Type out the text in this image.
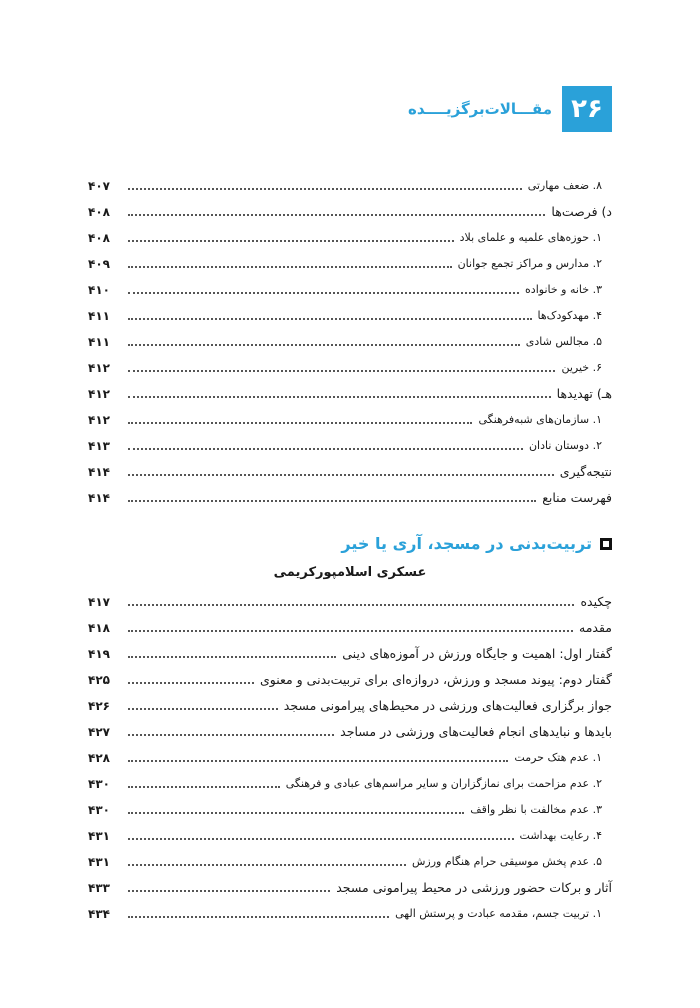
مقـــالات‌برگزیــــده ۲۶
۸. ضعف مهارتی
۴۰۷
د) فرصت‌ها
۴۰۸
۱. حوزه‌های علمیه و علمای بلاد
۴۰۸
۲. مدارس و مراکز تجمع جوانان
۴۰۹
۳. خانه و خانواده
۴۱۰
۴. مهدکودک‌ها
۴۱۱
۵. مجالس شادی
۴۱۱
۶. خیرین
۴۱۲
هـ) تهدیدها
۴۱۲
۱. سازمان‌های شبه‌فرهنگی
۴۱۲
۲. دوستان نادان
۴۱۳
نتیجه‌گیری
۴۱۴
فهرست منابع
۴۱۴
تربیت‌بدنی در مسجد، آری یا خیر
عسکری اسلامپورکریمی
چکیده
۴۱۷
مقدمه
۴۱۸
گفتار اول: اهمیت و جایگاه ورزش در آموزه‌های دینی
۴۱۹
گفتار دوم: پیوند مسجد و ورزش، دروازه‌ای برای تربیت‌بدنی و معنوی
۴۲۵
جواز برگزاری فعالیت‌های ورزشی در محیط‌های پیرامونی مسجد
۴۲۶
بایدها و نبایدهای انجام فعالیت‌های ورزشی در مساجد
۴۲۷
۱. عدم هتک حرمت
۴۲۸
۲. عدم مزاحمت برای نمازگزاران و سایر مراسم‌های عبادی و فرهنگی
۴۳۰
۳. عدم مخالفت با نظر واقف
۴۳۰
۴. رعایت بهداشت
۴۳۱
۵. عدم پخش موسیقی حرام هنگام ورزش
۴۳۱
آثار و برکات حضور ورزشی در محیط پیرامونی مسجد
۴۳۳
۱. تربیت جسم، مقدمه عبادت و پرستش الهی
۴۳۴
